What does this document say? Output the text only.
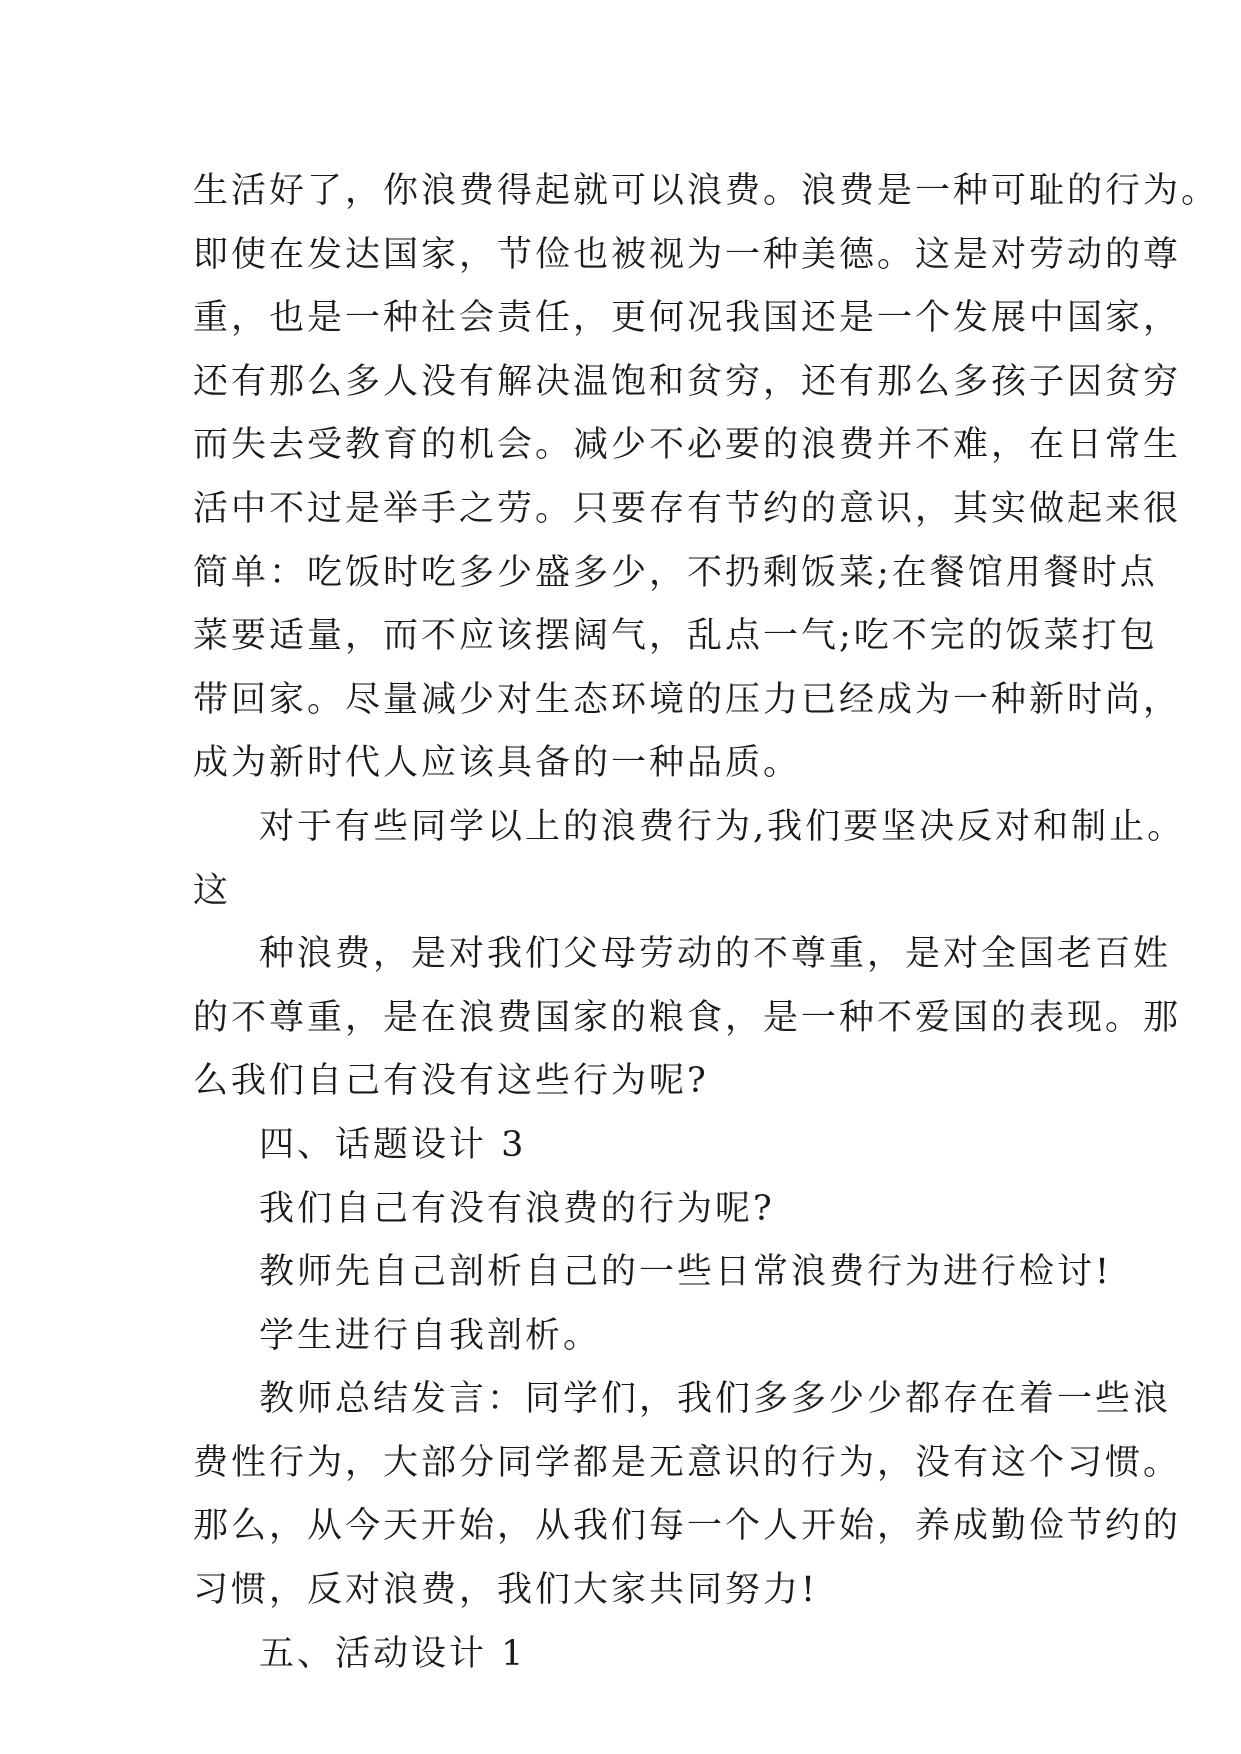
生活好了，你浪费得起就可以浪费。浪费是一种可耻的行为。
即使在发达国家，节俭也被视为一种美德。这是对劳动的尊
重，也是一种社会责任，更何况我国还是一个发展中国家，
还有那么多人没有解决温饱和贫穷，还有那么多孩子因贫穷
而失去受教育的机会。减少不必要的浪费并不难，在日常生
活中不过是举手之劳。只要存有节约的意识，其实做起来很
简单：吃饭时吃多少盛多少，不扔剩饭菜;在餐馆用餐时点
菜要适量，而不应该摆阔气，乱点一气;吃不完的饭菜打包
带回家。尽量减少对生态环境的压力已经成为一种新时尚，
成为新时代人应该具备的一种品质。
对于有些同学以上的浪费行为,我们要坚决反对和制止。
这
种浪费，是对我们父母劳动的不尊重，是对全国老百姓
的不尊重，是在浪费国家的粮食，是一种不爱国的表现。那
么我们自己有没有这些行为呢?
四、话题设计 3
我们自己有没有浪费的行为呢?
教师先自己剖析自己的一些日常浪费行为进行检讨!
学生进行自我剖析。
教师总结发言：同学们，我们多多少少都存在着一些浪
费性行为，大部分同学都是无意识的行为，没有这个习惯。
那么，从今天开始，从我们每一个人开始，养成勤俭节约的
习惯，反对浪费，我们大家共同努力!
五、活动设计 1
